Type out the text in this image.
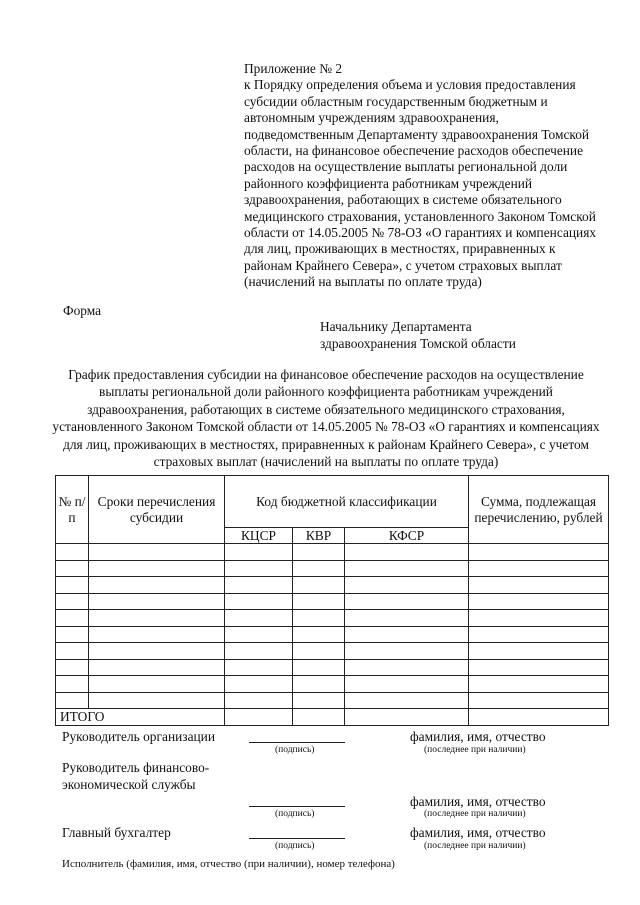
Приложение № 2
к Порядку определения объема и условия предоставления субсидии областным государственным бюджетным и автономным учреждениям здравоохранения, подведомственным Департаменту здравоохранения Томской области, на финансовое обеспечение расходов обеспечение расходов на осуществление выплаты региональной доли районного коэффициента работникам учреждений здравоохранения, работающих в системе обязательного медицинского страхования, установленного Законом Томской области от 14.05.2005 № 78-ОЗ «О гарантиях и компенсациях для лиц, проживающих в местностях, приравненных к районам Крайнего Севера», с учетом страховых выплат (начислений на выплаты по оплате труда)
Форма
Начальнику Департамента
здравоохранения Томской области
График предоставления субсидии на финансовое обеспечение расходов на осуществление выплаты региональной доли районного коэффициента работникам учреждений здравоохранения, работающих в системе обязательного медицинского страхования, установленного Законом Томской области от 14.05.2005 № 78-ОЗ «О гарантиях и компенсациях для лиц, проживающих в местностях, приравненных к районам Крайнего Севера», с учетом страховых выплат (начислений на выплаты по оплате труда)
№ п/п	Сроки перечисления субсидии	Код бюджетной классификации			Сумма, подлежащая перечислению, рублей
		КЦСР	КВР	КФСР	

ИТОГО					
Руководитель организации
(подпись)
фамилия, имя, отчество
(последнее при наличии)
Руководитель финансово-экономической службы
(подпись)
фамилия, имя, отчество
(последнее при наличии)
Главный бухгалтер
(подпись)
фамилия, имя, отчество
(последнее при наличии)
Исполнитель (фамилия, имя, отчество (при наличии), номер телефона)
